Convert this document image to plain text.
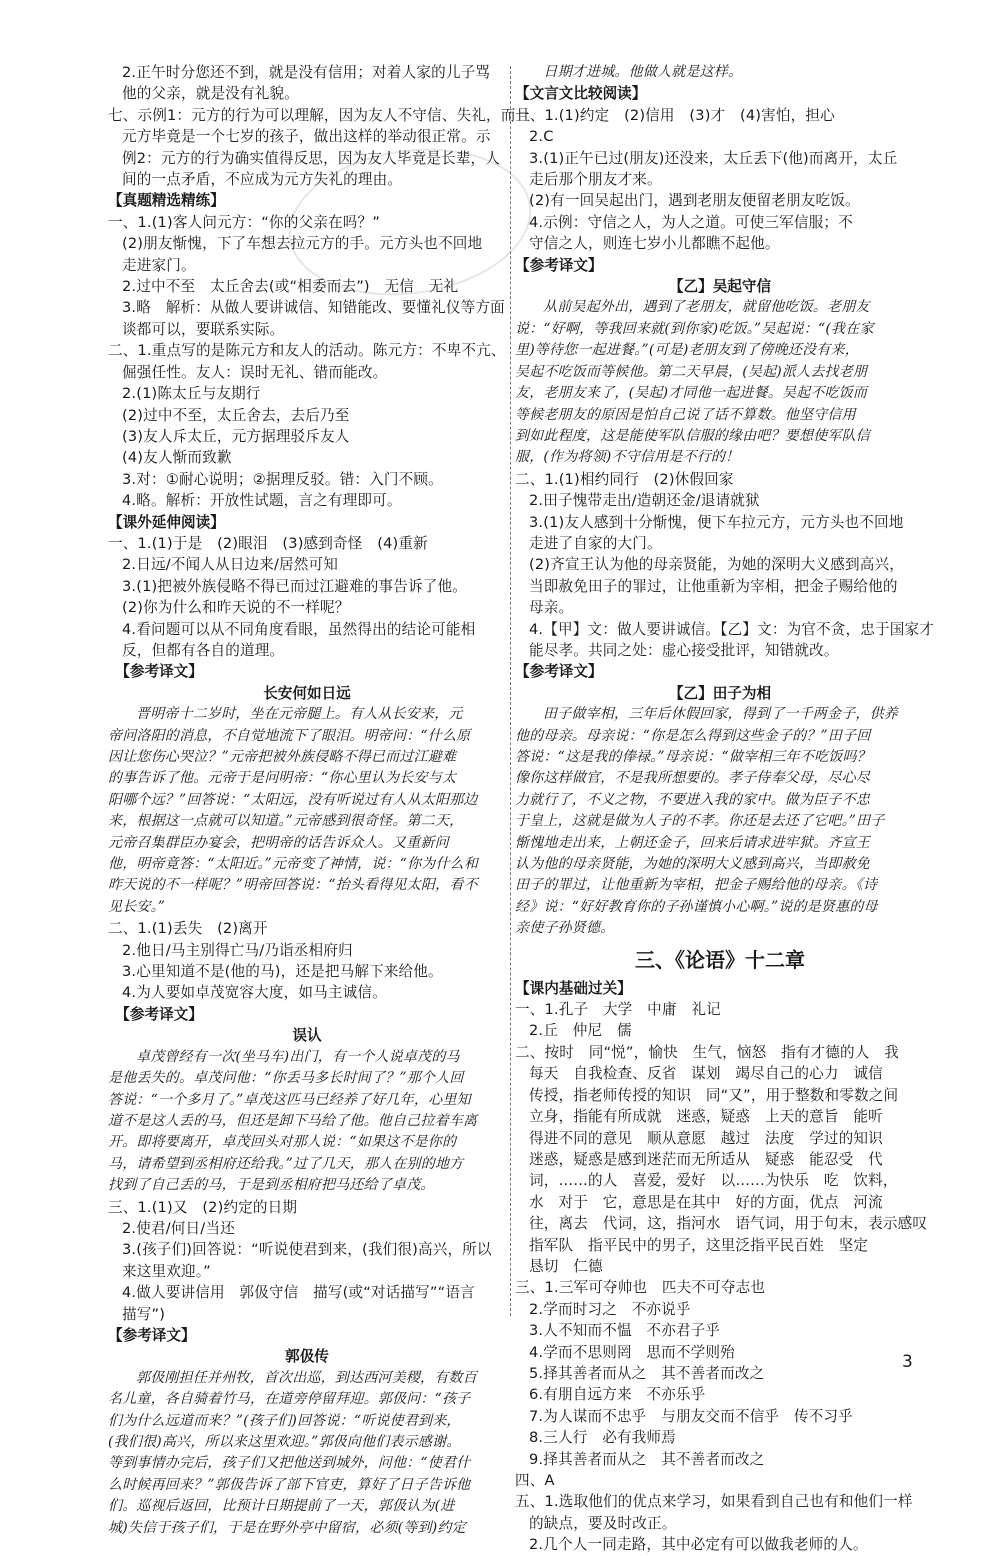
2.正午时分您还不到，就是没有信用；对着人家的儿子骂
他的父亲，就是没有礼貌。
七、示例1：元方的行为可以理解，因为友人不守信、失礼，而且
元方毕竟是一个七岁的孩子，做出这样的举动很正常。示
例2：元方的行为确实值得反思，因为友人毕竟是长辈，人
间的一点矛盾，不应成为元方失礼的理由。
【真题精选精练】
一、1.(1)客人问元方：“你的父亲在吗？”
(2)朋友惭愧，下了车想去拉元方的手。元方头也不回地
走进家门。
2.过中不至　太丘舍去(或“相委而去”)　无信　无礼
3.略　解析：从做人要讲诚信、知错能改、要懂礼仪等方面
谈都可以，要联系实际。
二、1.重点写的是陈元方和友人的活动。陈元方：不卑不亢、
倔强任性。友人：误时无礼、错而能改。
2.(1)陈太丘与友期行
(2)过中不至，太丘舍去，去后乃至
(3)友人斥太丘，元方据理驳斥友人
(4)友人惭而致歉
3.对：①耐心说明；②据理反驳。错：入门不顾。
4.略。解析：开放性试题，言之有理即可。
【课外延伸阅读】
一、1.(1)于是　(2)眼泪　(3)感到奇怪　(4)重新
2.日远/不闻人从日边来/居然可知
3.(1)把被外族侵略不得已而过江避难的事告诉了他。
(2)你为什么和昨天说的不一样呢？
4.看问题可以从不同角度看眼，虽然得出的结论可能相
反，但都有各自的道理。
　【参考译文】
长安何如日远
晋明帝十二岁时，坐在元帝腿上。有人从长安来，元
帝问洛阳的消息，不自觉地流下了眼泪。明帝问：“什么原
因让您伤心哭泣？”元帝把被外族侵略不得已而过江避难
的事告诉了他。元帝于是问明帝：“你心里认为长安与太
阳哪个远？”回答说：“太阳远，没有听说过有人从太阳那边
来，根据这一点就可以知道。”元帝感到很奇怪。第二天，
元帝召集群臣办宴会，把明帝的话告诉众人。又重新问
他，明帝竟答：“太阳近。”元帝变了神情，说：“你为什么和
昨天说的不一样呢？”明帝回答说：“抬头看得见太阳，看不
见长安。”
二、1.(1)丢失　(2)离开
2.他日/马主别得亡马/乃诣丞相府归
3.心里知道不是(他的马)，还是把马解下来给他。
4.为人要如卓茂宽容大度，如马主诚信。
　【参考译文】
误认
卓茂曾经有一次(坐马车)出门，有一个人说卓茂的马
是他丢失的。卓茂问他：“你丢马多长时间了？”那个人回
答说：“一个多月了。”卓茂这匹马已经养了好几年，心里知
道不是这人丢的马，但还是卸下马给了他。他自己拉着车离
开。即将要离开，卓茂回头对那人说：“如果这不是你的
马，请希望到丞相府还给我。”过了几天，那人在别的地方
找到了自己丢的马，于是到丞相府把马还给了卓茂。
三、1.(1)又　(2)约定的日期
2.使君/何日/当还
3.(孩子们)回答说：“听说使君到来，(我们很)高兴，所以
来这里欢迎。”
4.做人要讲信用　郭伋守信　描写(或“对话描写”“语言
描写”)
【参考译文】
郭伋传
郭伋刚担任并州牧，首次出巡，到达西河美稷，有数百
名儿童，各自骑着竹马，在道旁停留拜迎。郭伋问：“孩子
们为什么远道而来？”(孩子们)回答说：“听说使君到来，
(我们很)高兴，所以来这里欢迎。”郭伋向他们表示感谢。
等到事情办完后，孩子们又把他送到城外，问他：“使君什
么时候再回来？”郭伋告诉了部下官吏，算好了日子告诉他
们。巡视后返回，比预计日期提前了一天，郭伋认为(进
城)失信于孩子们，于是在野外亭中留宿，必须(等到)约定
　　日期才进城。他做人就是这样。
【文言文比较阅读】
一、1.(1)约定　(2)信用　(3)才　(4)害怕，担心
2.C
3.(1)正午已过(朋友)还没来，太丘丢下(他)而离开，太丘
走后那个朋友才来。
(2)有一回吴起出门，遇到老朋友便留老朋友吃饭。
4.示例：守信之人，为人之道。可使三军信服；不
守信之人，则连七岁小儿都瞧不起他。
【参考译文】
【乙】吴起守信
从前吴起外出，遇到了老朋友，就留他吃饭。老朋友
说：“好啊，等我回来就(到你家)吃饭。”吴起说：“(我在家
里)等待您一起进餐。”(可是)老朋友到了傍晚还没有来，
吴起不吃饭而等候他。第二天早晨，(吴起)派人去找老朋
友，老朋友来了，(吴起)才同他一起进餐。吴起不吃饭而
等候老朋友的原因是怕自己说了话不算数。他坚守信用
到如此程度，这是能使军队信服的缘由吧？要想使军队信
服，(作为将领)不守信用是不行的！
二、1.(1)相约同行　(2)休假回家
2.田子愧带走出/造朝还金/退请就狱
3.(1)友人感到十分惭愧，便下车拉元方，元方头也不回地
走进了自家的大门。
(2)齐宣王认为他的母亲贤能，为她的深明大义感到高兴，
当即赦免田子的罪过，让他重新为宰相，把金子赐给他的
母亲。
4.【甲】文：做人要讲诚信。【乙】文：为官不贪，忠于国家才
能尽孝。共同之处：虚心接受批评，知错就改。
【参考译文】
【乙】田子为相
田子做宰相，三年后休假回家，得到了一千两金子，供养
他的母亲。母亲说：“你是怎么得到这些金子的？”田子回
答说：“这是我的俸禄。”母亲说：“做宰相三年不吃饭吗？
像你这样做官，不是我所想要的。孝子侍奉父母，尽心尽
力就行了，不义之物，不要进入我的家中。做为臣子不忠
于皇上，这就是做为人子的不孝。你还是去还了它吧。”田子
惭愧地走出来，上朝还金子，回来后请求进牢狱。齐宣王
认为他的母亲贤能，为她的深明大义感到高兴，当即赦免
田子的罪过，让他重新为宰相，把金子赐给他的母亲。《诗
经》说：“好好教育你的子孙谨慎小心啊。”说的是贤惠的母
亲使子孙贤德。
三、《论语》十二章
【课内基础过关】
一、1.孔子　大学　中庸　礼记
2.丘　仲尼　儒
二、按时　同“悦”，愉快　生气，恼怒　指有才德的人　我
每天　自我检查、反省　谋划　竭尽自己的心力　诚信
传授，指老师传授的知识　同“又”，用于整数和零数之间
立身，指能有所成就　迷惑，疑惑　上天的意旨　能听
得进不同的意见　顺从意愿　越过　法度　学过的知识
迷惑，疑惑是感到迷茫而无所适从　疑惑　能忍受　代
词，……的人　喜爱，爱好　以……为快乐　吃　饮料，
水　对于　它，意思是在其中　好的方面，优点　河流
往，离去　代词，这，指河水　语气词，用于句末，表示感叹
指军队　指平民中的男子，这里泛指平民百姓　坚定
恳切　仁德
三、1.三军可夺帅也　匹夫不可夺志也
2.学而时习之　不亦说乎
3.人不知而不愠　不亦君子乎
4.学而不思则罔　思而不学则殆
5.择其善者而从之　其不善者而改之
6.有朋自远方来　不亦乐乎
7.为人谋而不忠乎　与朋友交而不信乎　传不习乎
8.三人行　必有我师焉
9.择其善者而从之　其不善者而改之
四、A
五、1.选取他们的优点来学习，如果看到自己也有和他们一样
的缺点，要及时改正。
2.几个人一同走路，其中必定有可以做我老师的人。
3
